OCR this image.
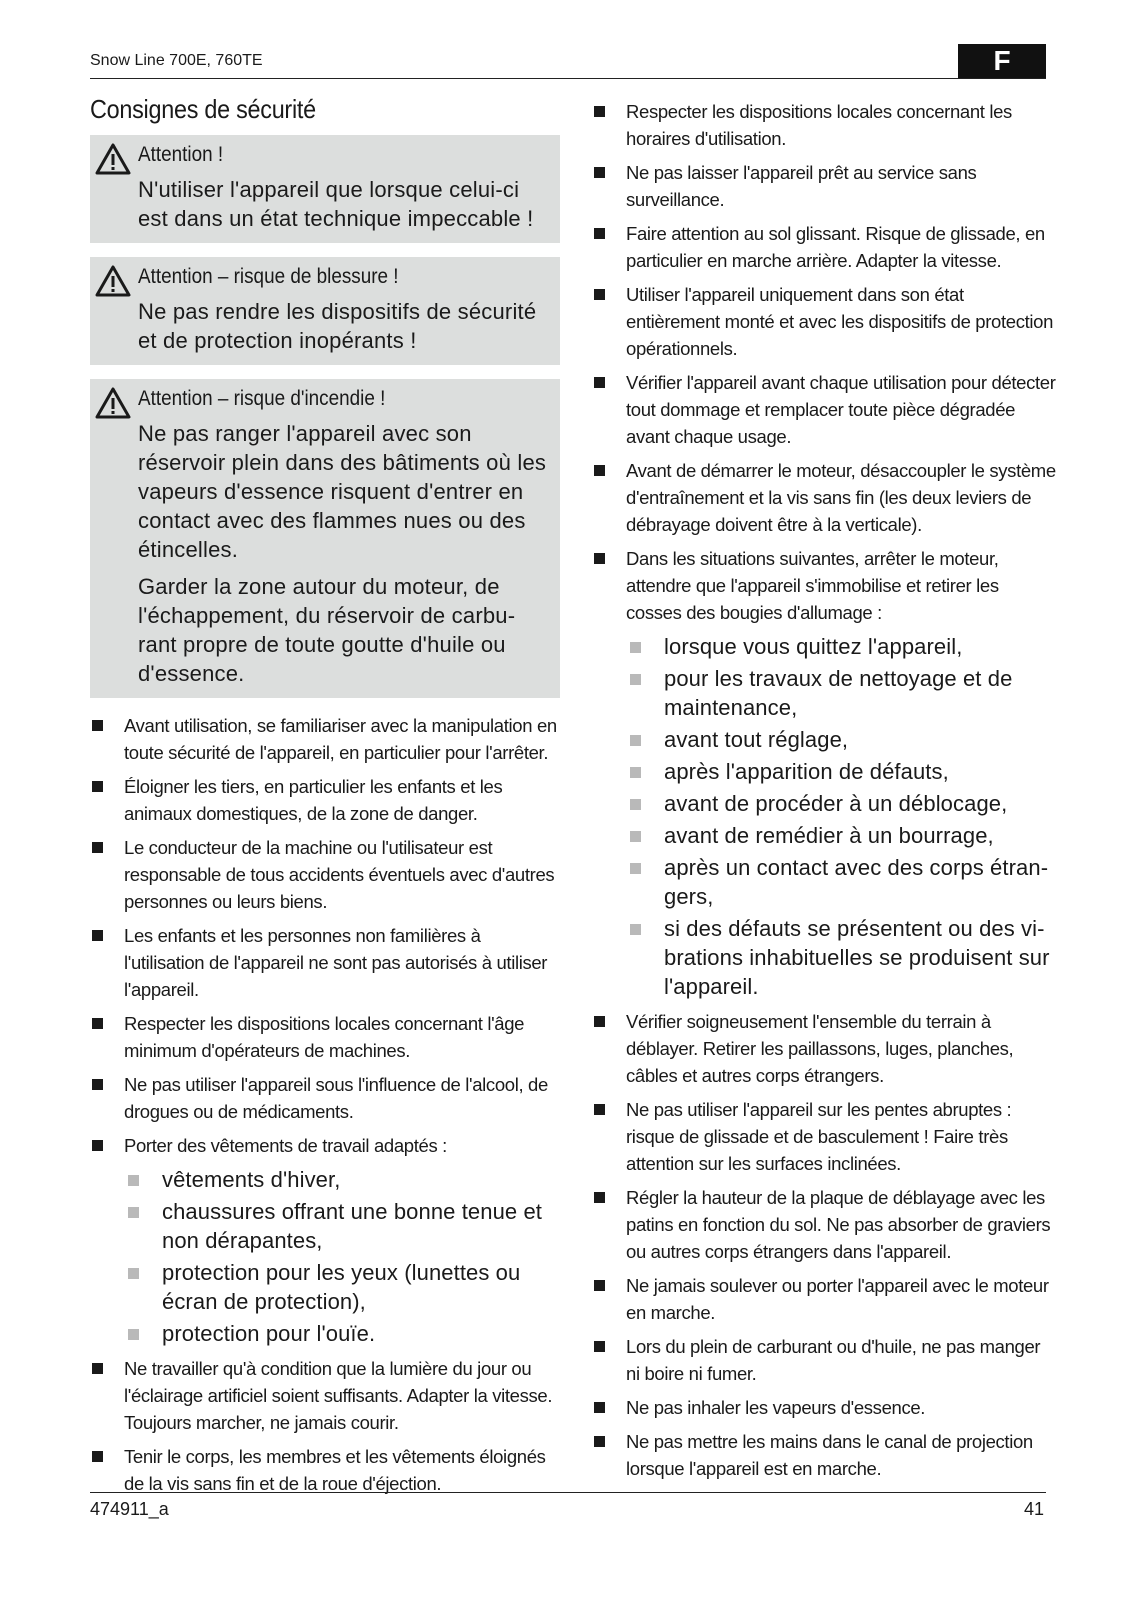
Snow Line 700E, 760TE	F
Consignes de sécurité
Attention !
N'utiliser l'appareil que lorsque celui-ci est dans un état technique impeccable !
Attention – risque de blessure !
Ne pas rendre les dispositifs de sécurité et de protection inopérants !
Attention – risque d'incendie !
Ne pas ranger l'appareil avec son réservoir plein dans des bâtiments où les vapeurs d'essence risquent d'entrer en contact avec des flammes nues ou des étincelles.
Garder la zone autour du moteur, de l'échappement, du réservoir de carbu-rant propre de toute goutte d'huile ou d'essence.
Avant utilisation, se familiariser avec la manipulation en toute sécurité de l'appareil, en particulier pour l'arrêter.
Éloigner les tiers, en particulier les enfants et les animaux domestiques, de la zone de danger.
Le conducteur de la machine ou l'utilisateur est responsable de tous accidents éventuels avec d'autres personnes ou leurs biens.
Les enfants et les personnes non familières à l'utilisation de l'appareil ne sont pas autorisés à utiliser l'appareil.
Respecter les dispositions locales concernant l'âge minimum d'opérateurs de machines.
Ne pas utiliser l'appareil sous l'influence de l'alcool, de drogues ou de médicaments.
Porter des vêtements de travail adaptés :
vêtements d'hiver,
chaussures offrant une bonne tenue et non dérapantes,
protection pour les yeux (lunettes ou écran de protection),
protection pour l'ouïe.
Ne travailler qu'à condition que la lumière du jour ou l'éclairage artificiel soient suffisants. Adapter la vitesse. Toujours marcher, ne jamais courir.
Tenir le corps, les membres et les vêtements éloignés de la vis sans fin et de la roue d'éjection.
Respecter les dispositions locales concernant les horaires d'utilisation.
Ne pas laisser l'appareil prêt au service sans surveillance.
Faire attention au sol glissant. Risque de glissade, en particulier en marche arrière. Adapter la vitesse.
Utiliser l'appareil uniquement dans son état entièrement monté et avec les dispositifs de protection opérationnels.
Vérifier l'appareil avant chaque utilisation pour détecter tout dommage et remplacer toute pièce dégradée avant chaque usage.
Avant de démarrer le moteur, désaccoupler le système d'entraînement et la vis sans fin (les deux leviers de débrayage doivent être à la verticale).
Dans les situations suivantes, arrêter le moteur, attendre que l'appareil s'immobilise et retirer les cosses des bougies d'allumage :
lorsque vous quittez l'appareil,
pour les travaux de nettoyage et de maintenance,
avant tout réglage,
après l'apparition de défauts,
avant de procéder à un déblocage,
avant de remédier à un bourrage,
après un contact avec des corps étran-gers,
si des défauts se présentent ou des vi-brations inhabituelles se produisent sur l'appareil.
Vérifier soigneusement l'ensemble du terrain à déblayer. Retirer les paillassons, luges, planches, câbles et autres corps étrangers.
Ne pas utiliser l'appareil sur les pentes abruptes : risque de glissade et de basculement ! Faire très attention sur les surfaces inclinées.
Régler la hauteur de la plaque de déblayage avec les patins en fonction du sol. Ne pas absorber de graviers ou autres corps étrangers dans l'appareil.
Ne jamais soulever ou porter l'appareil avec le moteur en marche.
Lors du plein de carburant ou d'huile, ne pas manger ni boire ni fumer.
Ne pas inhaler les vapeurs d'essence.
Ne pas mettre les mains dans le canal de projection lorsque l'appareil est en marche.
474911_a	41
